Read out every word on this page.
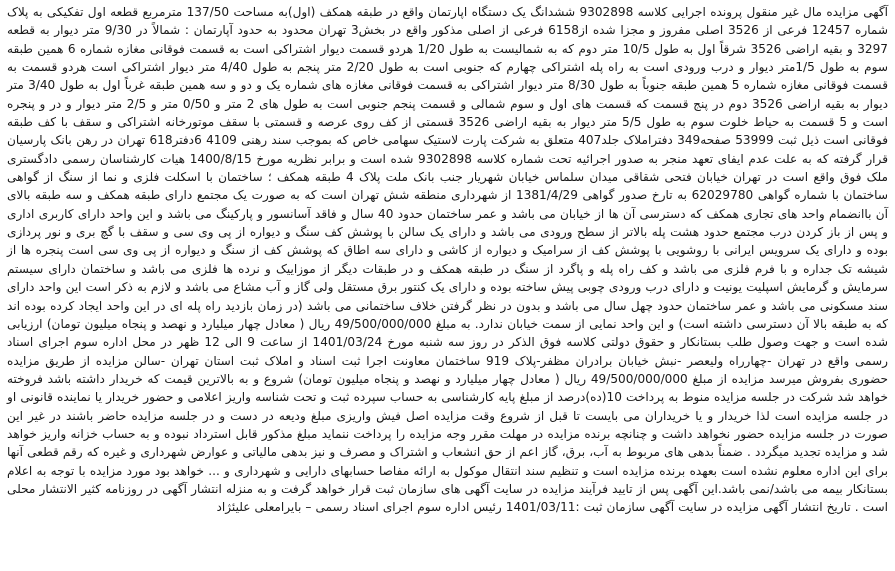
آگهی مزایده مال غیر منقول پرونده اجرایی کلاسه 9302898 ششدانگ یک دستگاه اپارتمان واقع در طبقه همکف (اول)به مساحت 137/50 مترمربع قطعه اول تفکیکی به پلاک شماره 12457 فرعی از 3526 اصلی مفروز و مجزا شده از6158 فرعی از اصلی مذکور واقع در بخش3 تهران محدود به حدود آپارتمان : شمالاً در 9/30 متر دیوار به قطعه 3297 و بقیه اراضی 3526 شرقاً اول به طول 10/5 متر دوم که به شمالیست به طول 1/20 هردو قسمت دیوار اشتراکی است به قسمت فوقانی مغازه شماره 6 همین طبقه سوم به طول 1/5متر دیوار و درب ورودی است به راه پله اشتراکی چهارم که جنوبی است به طول 2/20 متر پنجم به طول 4/40 متر دیوار اشتراکی است هردو قسمت به قسمت فوقانی مغازه شماره 5 همین طبقه جنوباً به طول 8/30 متر دیوار اشتراکی به قسمت فوقانی مغازه های شماره یک و دو و سه همین طبقه غرباً اول به طول 3/40 متر دیوار به بقیه اراضی 3526 دوم در پنج قسمت که قسمت های اول و سوم شمالی و قسمت پنجم جنوبی است به طول های 2 متر و 0/50 متر و 2/5 متر دیوار و در و پنجره است و 5 قسمت به حیاط خلوت سوم به طول 5/5 متر دیوار به بقیه اراضی 3526 قسمتی از کف روی عرصه و قسمتی با سقف موتورخانه اشتراکی و سقف با کف طبقه فوقانی است ذیل ثبت 53999 صفحه349 دفتراملاک جلد407 متعلق به شرکت پارت لاستیک سهامی خاص که بموجب سند رهنی 4109 6دفتر618 تهران در رهن بانک پارسیان قرار گرفته که به علت عدم ایفای تعهد منجر به صدور اجرائیه تحت شماره کلاسه 9302898 شده است و برابر نظریه مورخ 1400/8/15 هیات کارشناسان رسمی دادگستری ملک فوق واقع است در تهران خیابان فتحی شقاقی میدان سلماس خیابان شهریار جنب بانک ملت پلاک 4 طبقه همکف ؛ ساختمان با اسکلت فلزی و نما از سنگ از گواهی ساختمان با شماره گواهی 62029780 به تارخ صدور گواهی 1381/4/29 از شهرداری منطقه شش تهران است که به صورت یک مجتمع دارای طبقه همکف و سه طبقه بالای آن باانضمام واحد های تجاری همکف که دسترسی آن ها از خیابان می باشد و عمر ساختمان حدود 40 سال و فاقد آسانسور و پارکینگ می باشد و این واحد دارای کاربری اداری و پس از باز کردن درب مجتمع حدود هشت پله بالاتر از سطح ورودی می باشد و دارای یک سالن با پوشش کف سنگ و دیواره از پی وی سی و سقف با گچ بری و نور پردازی بوده و دارای یک سرویس ایرانی با روشویی با پوشش کف از سرامیک و دیواره از کاشی و دارای سه اطاق که پوشش کف از سنگ و دیواره از پی وی سی است پنجره ها از شیشه تک جداره و با فرم فلزی می باشد و کف راه پله و پاگرد از سنگ در طبقه همکف و در طبقات دیگر از موزاییک و نرده ها فلزی می باشد و ساختمان دارای سیستم سرمایش و گرمایش اسپلیت یونیت و دارای درب ورودی چوبی پیش ساخته بوده و دارای یک کنتور برق مستقل ولی گاز و آب مشاع می باشد و لازم به ذکر است این واحد دارای سند مسکونی می باشد و عمر ساختمان حدود چهل سال می باشد و بدون در نظر گرفتن خلاف ساختمانی می باشد (در زمان بازدید راه پله ای در این واحد ایجاد کرده بوده اند که به طبقه بالا آن دسترسی داشته است) و این واحد نمایی از سمت خیابان ندارد. به مبلغ 49/500/000/000 ریال ( معادل چهار میلیارد و نهصد و پنجاه میلیون تومان) ارزیابی شده است و جهت وصول طلب بستانکار و حقوق دولتی کلاسه فوق الذکر در روز سه شنبه مورخ 1401/03/24 از ساعت 9 الی 12 ظهر در محل اداره سوم اجرای اسناد رسمی واقع در تهران -چهارراه ولیعصر -نبش خیابان برادران مظفر-پلاک 919 ساختمان معاونت اجرا ثبت اسناد و املاک ثبت استان تهران -سالن مزایده از طریق مزایده حضوری بفروش میرسد مزایده از مبلغ 49/500/000/000 ریال ( معادل چهار میلیارد و نهصد و پنجاه میلیون تومان) شروع و به بالاترین قیمت که خریدار داشته باشد فروخته خواهد شد شرکت در جلسه مزایده منوط به پرداخت 10(ده)درصد از مبلغ پایه کارشناسی به حساب سپرده ثبت و تحت شناسه واریز اعلامی و حضور خریدار یا نماینده قانونی او در جلسه مزایده است لذا خریدار و یا خریداران می بایست تا قبل از شروع وقت مزایده اصل فیش واریزی مبلغ ودیعه در دست و در جلسه مزایده حاضر باشند در غیر این صورت در جلسه مزایده حضور نخواهد داشت و چنانچه برنده مزایده در مهلت مقرر وجه مزایده را پرداخت ننماید مبلغ مذکور قابل استرداد نبوده و به حساب خزانه واریز خواهد شد و مزایده تجدید میگردد . ضمناً بدهی های مربوط به آب، برق، گاز اعم از حق انشعاب و اشتراک و مصرف و نیز بدهی مالیاتی و عوارض شهرداری و غیره که رقم قطعی آنها برای این اداره معلوم نشده است بعهده برنده مزایده است و تنظیم سند انتقال موکول به ارائه مفاصا حسابهای دارایی و شهرداری و ... خواهد بود مورد مزایده با توجه به اعلام بستانکار بیمه می باشد/نمی باشد.این آگهی پس از تایید فرآیند مزایده در سایت آگهی های سازمان ثبت قرار خواهد گرفت و به منزله انتشار آگهی در روزنامه کثیر الانتشار محلی است . تاریخ انتشار آگهی مزایده در سایت آگهی سازمان ثبت :1401/03/11 رئیس اداره سوم اجرای اسناد رسمی – بایرامعلی علیئژاد
